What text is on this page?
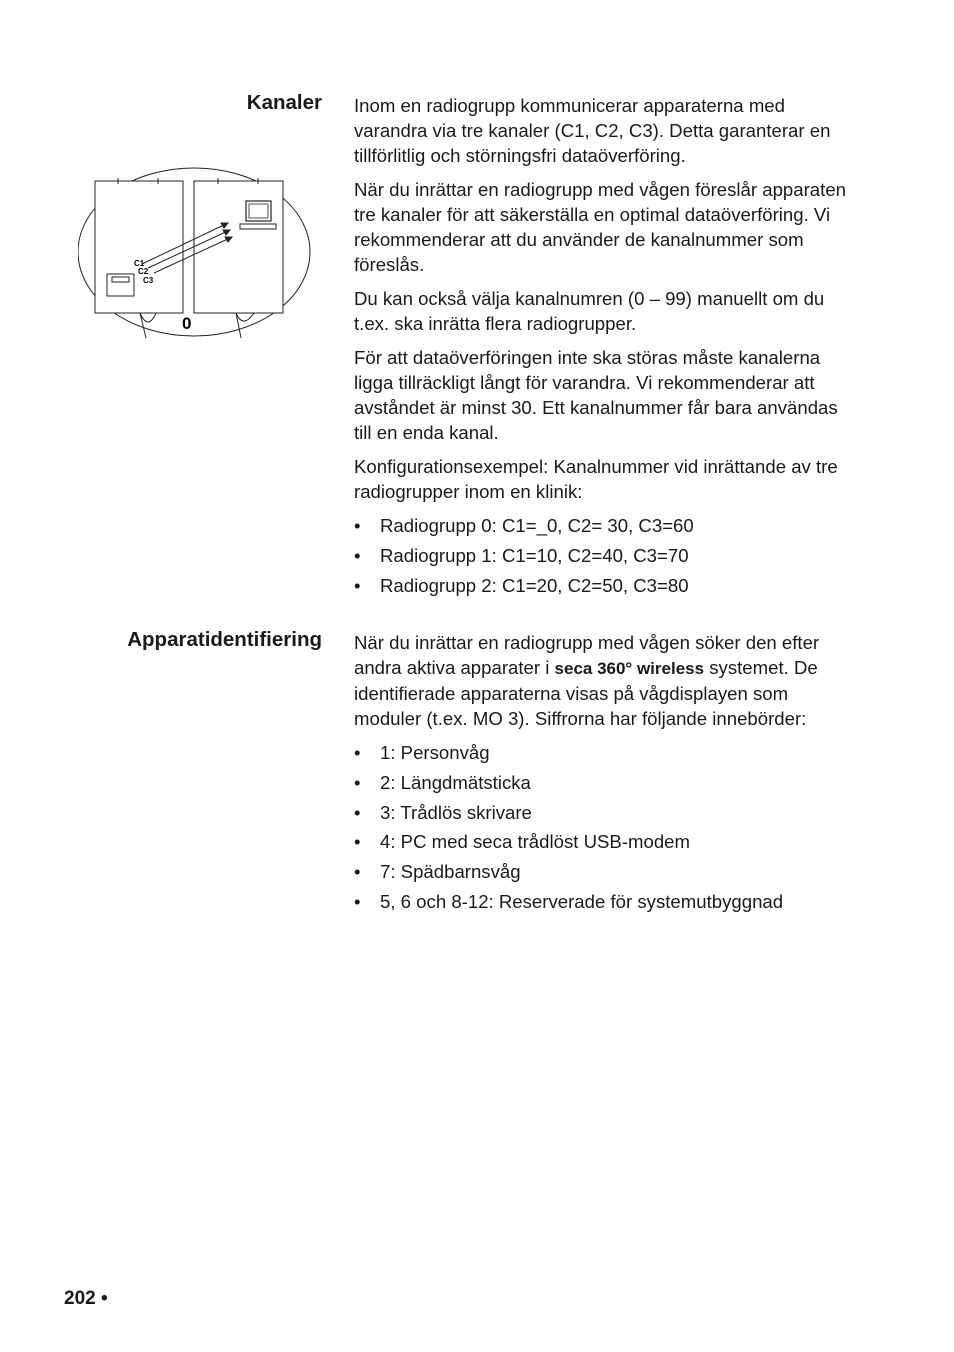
Kanaler Inom en radiogrupp kommunicerar apparaterna med varandra via tre kanaler (C1, C2, C3). Detta garanterar en tillförlitlig och störningsfri dataöverföring.

När du inrättar en radiogrupp med vågen föreslår apparaten tre kanaler för att säkerställa en optimal dataöverföring. Vi rekommenderar att du använder de kanalnummer som föreslås.

Du kan också välja kanalnumren (0 – 99) manuellt om du t.ex. ska inrätta flera radiogrupper.

För att dataöverföringen inte ska störas måste kanalerna ligga tillräckligt långt för varandra. Vi rekommenderar att avståndet är minst 30. Ett kanalnummer får bara användas till en enda kanal.

Konfigurationsexempel: Kanalnummer vid inrättande av tre radiogrupper inom en klinik:

• Radiogrupp 0: C1=_0, C2= 30, C3=60
• Radiogrupp 1: C1=10, C2=40, C3=70
• Radiogrupp 2: C1=20, C2=50, C3=80
C1
C2
C3
0
Apparatidentifiering När du inrättar en radiogrupp med vågen söker den efter andra aktiva apparater i seca 360° wireless systemet. De identifierade apparaterna visas på vågdisplayen som moduler (t.ex. MO 3). Siffrorna har följande innebörder:

• 1: Personvåg
• 2: Längdmätsticka
• 3: Trådlös skrivare
• 4: PC med seca trådlöst USB-modem
• 7: Spädbarnsvåg
• 5, 6 och 8-12: Reserverade för systemutbyggnad
202 •
